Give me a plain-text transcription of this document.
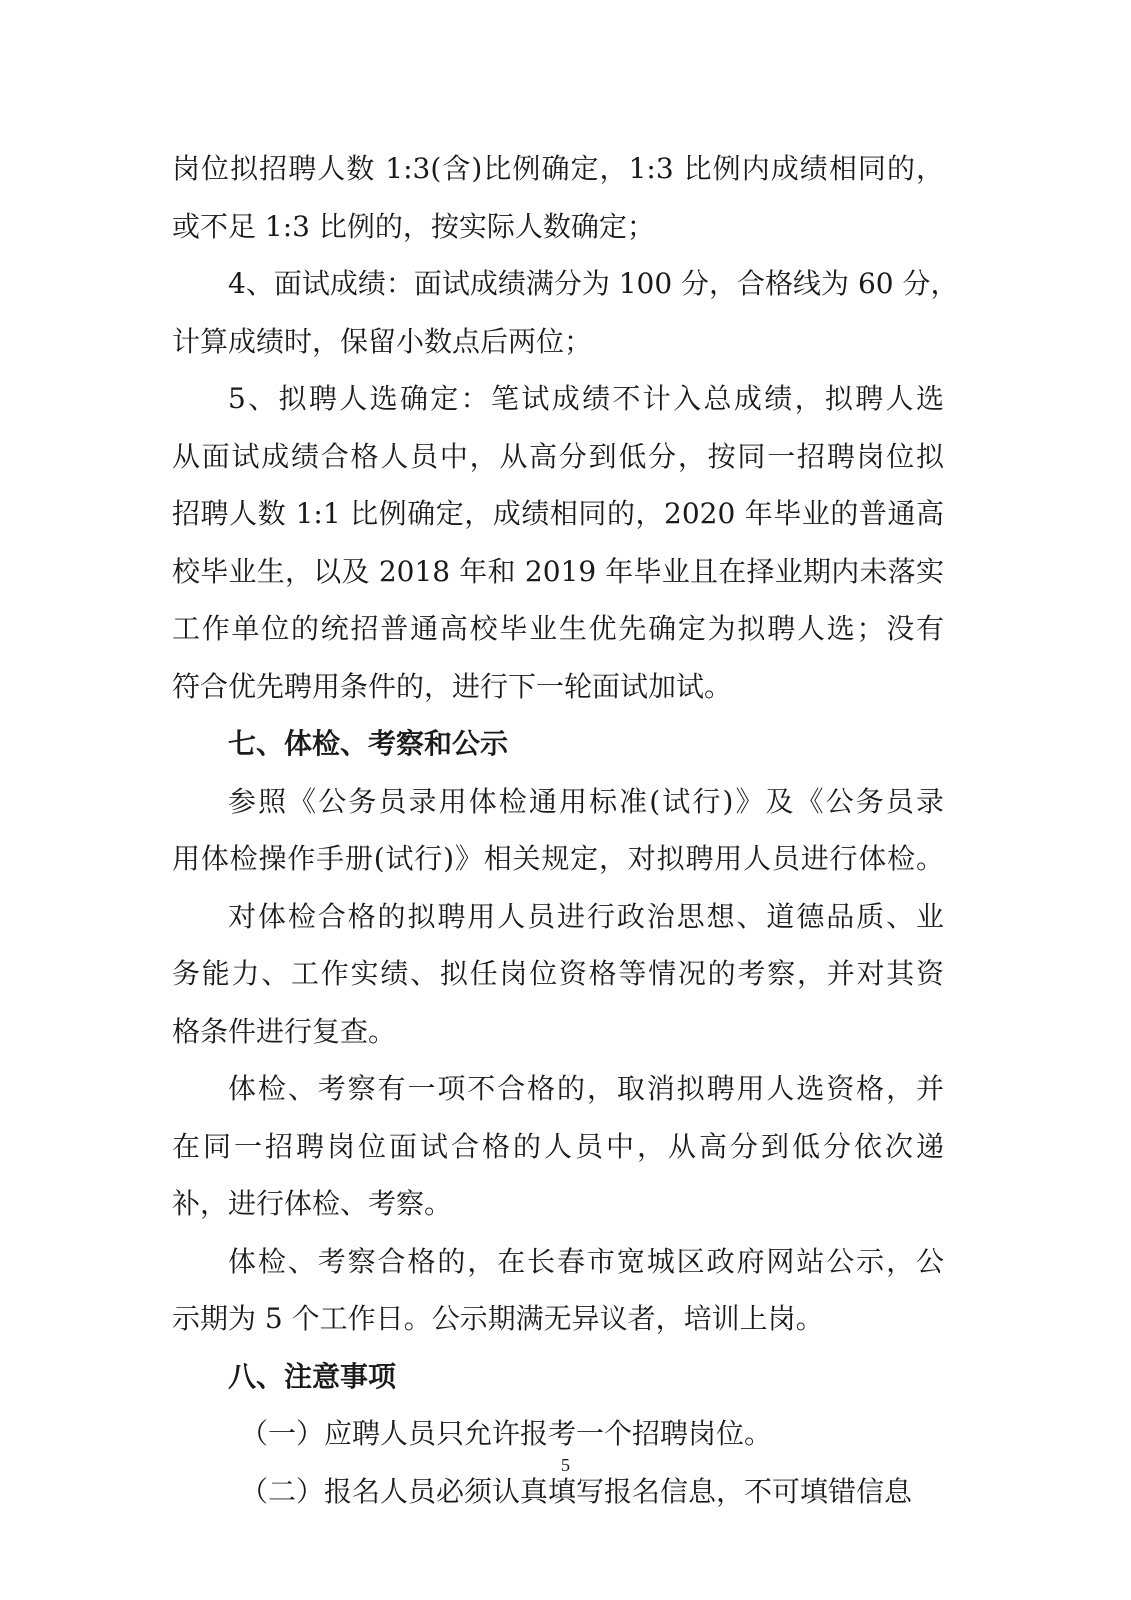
岗位拟招聘人数 1:3(含)比例确定，1:3 比例内成绩相同的，
或不足 1:3 比例的，按实际人数确定；
4、面试成绩：面试成绩满分为 100 分，合格线为 60 分，
计算成绩时，保留小数点后两位；
5、拟聘人选确定：笔试成绩不计入总成绩，拟聘人选
从面试成绩合格人员中，从高分到低分，按同一招聘岗位拟
招聘人数 1:1 比例确定，成绩相同的，2020 年毕业的普通高
校毕业生，以及 2018 年和 2019 年毕业且在择业期内未落实
工作单位的统招普通高校毕业生优先确定为拟聘人选；没有
符合优先聘用条件的，进行下一轮面试加试。
七、体检、考察和公示
参照《公务员录用体检通用标准(试行)》及《公务员录
用体检操作手册(试行)》相关规定，对拟聘用人员进行体检。
对体检合格的拟聘用人员进行政治思想、道德品质、业
务能力、工作实绩、拟任岗位资格等情况的考察，并对其资
格条件进行复查。
体检、考察有一项不合格的，取消拟聘用人选资格，并
在同一招聘岗位面试合格的人员中，从高分到低分依次递
补，进行体检、考察。
体检、考察合格的，在长春市宽城区政府网站公示，公
示期为 5 个工作日。公示期满无异议者，培训上岗。
八、注意事项
（一）应聘人员只允许报考一个招聘岗位。
（二）报名人员必须认真填写报名信息，不可填错信息
5
